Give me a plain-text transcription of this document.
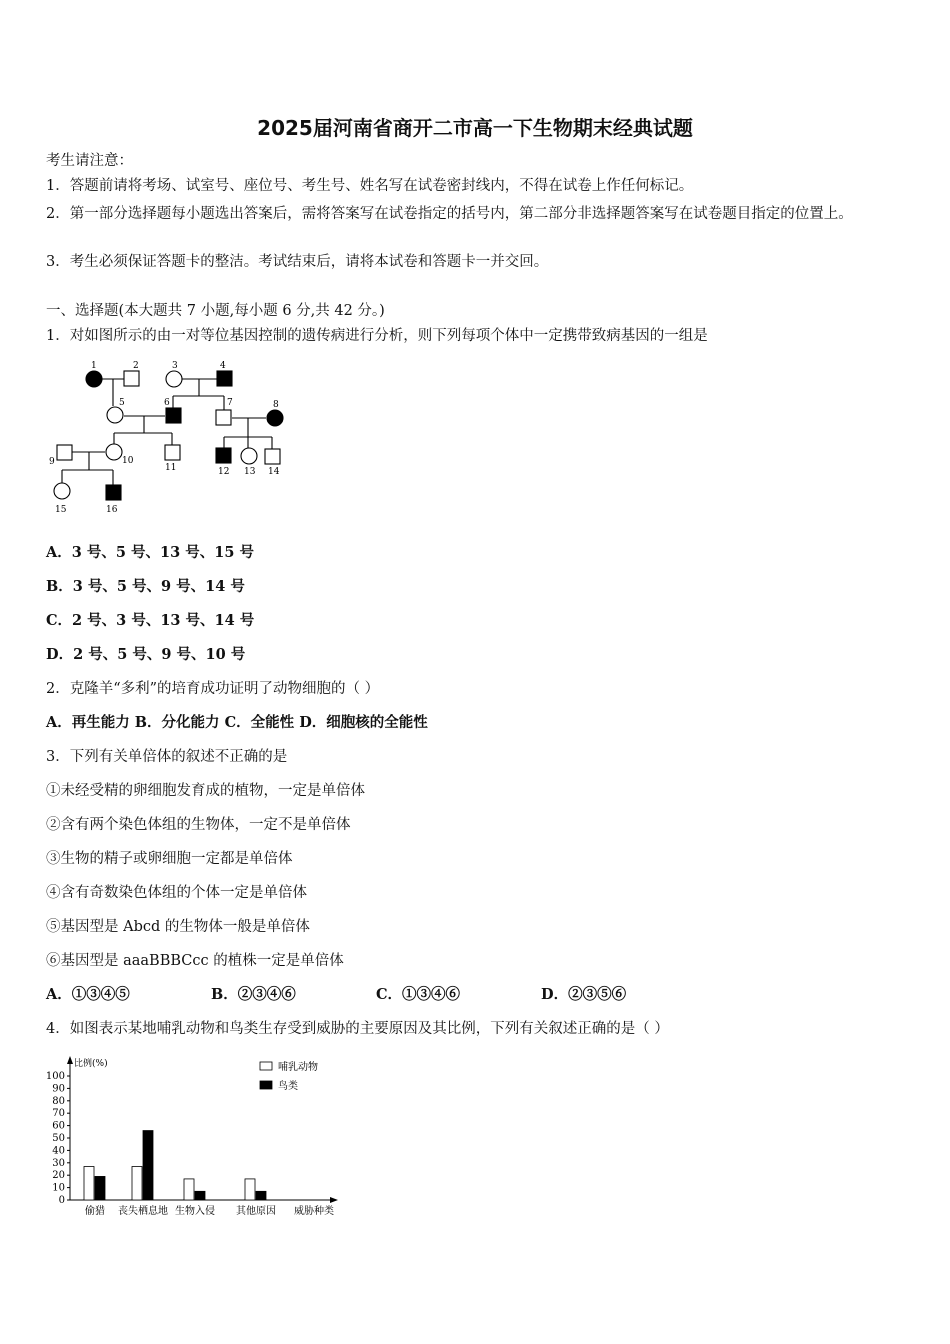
2025届河南省商开二市高一下生物期末经典试题
考生请注意：
1．答题前请将考场、试室号、座位号、考生号、姓名写在试卷密封线内，不得在试卷上作任何标记。
2．第一部分选择题每小题选出答案后，需将答案写在试卷指定的括号内，第二部分非选择题答案写在试卷题目指定的位置上。
3．考生必须保证答题卡的整洁。考试结束后，请将本试卷和答题卡一并交回。
一、选择题(本大题共 7 小题,每小题 6 分,共 42 分。)
1．对如图所示的由一对等位基因控制的遗传病进行分析，则下列每项个体中一定携带致病基因的一组是
1	2	3	4
5	6	7	8
9	10
11	12 13 14
15	16
A．3 号、5 号、13 号、15 号
B．3 号、5 号、9 号、14 号
C．2 号、3 号、13 号、14 号
D．2 号、5 号、9 号、10 号
2．克隆羊“多利”的培育成功证明了动物细胞的（ ）
A．再生能力 B．分化能力 C．全能性 D．细胞核的全能性
3．下列有关单倍体的叙述不正确的是
①未经受精的卵细胞发育成的植物，一定是单倍体
②含有两个染色体组的生物体，一定不是单倍体
③生物的精子或卵细胞一定都是单倍体
④含有奇数染色体组的个体一定是单倍体
⑤基因型是 Abcd 的生物体一般是单倍体
⑥基因型是 aaaBBBCcc 的植株一定是单倍体
A．①③④⑤	B．②③④⑥	C．①③④⑥	D．②③⑤⑥
4．如图表示某地哺乳动物和鸟类生存受到威胁的主要原因及其比例，下列有关叙述正确的是（ ）
比例(%)
0
10
20
30
40
50
60
70
80
90
100
偷猎 丧失栖息地 生物入侵 其他原因 威胁种类
哺乳动物
鸟类
